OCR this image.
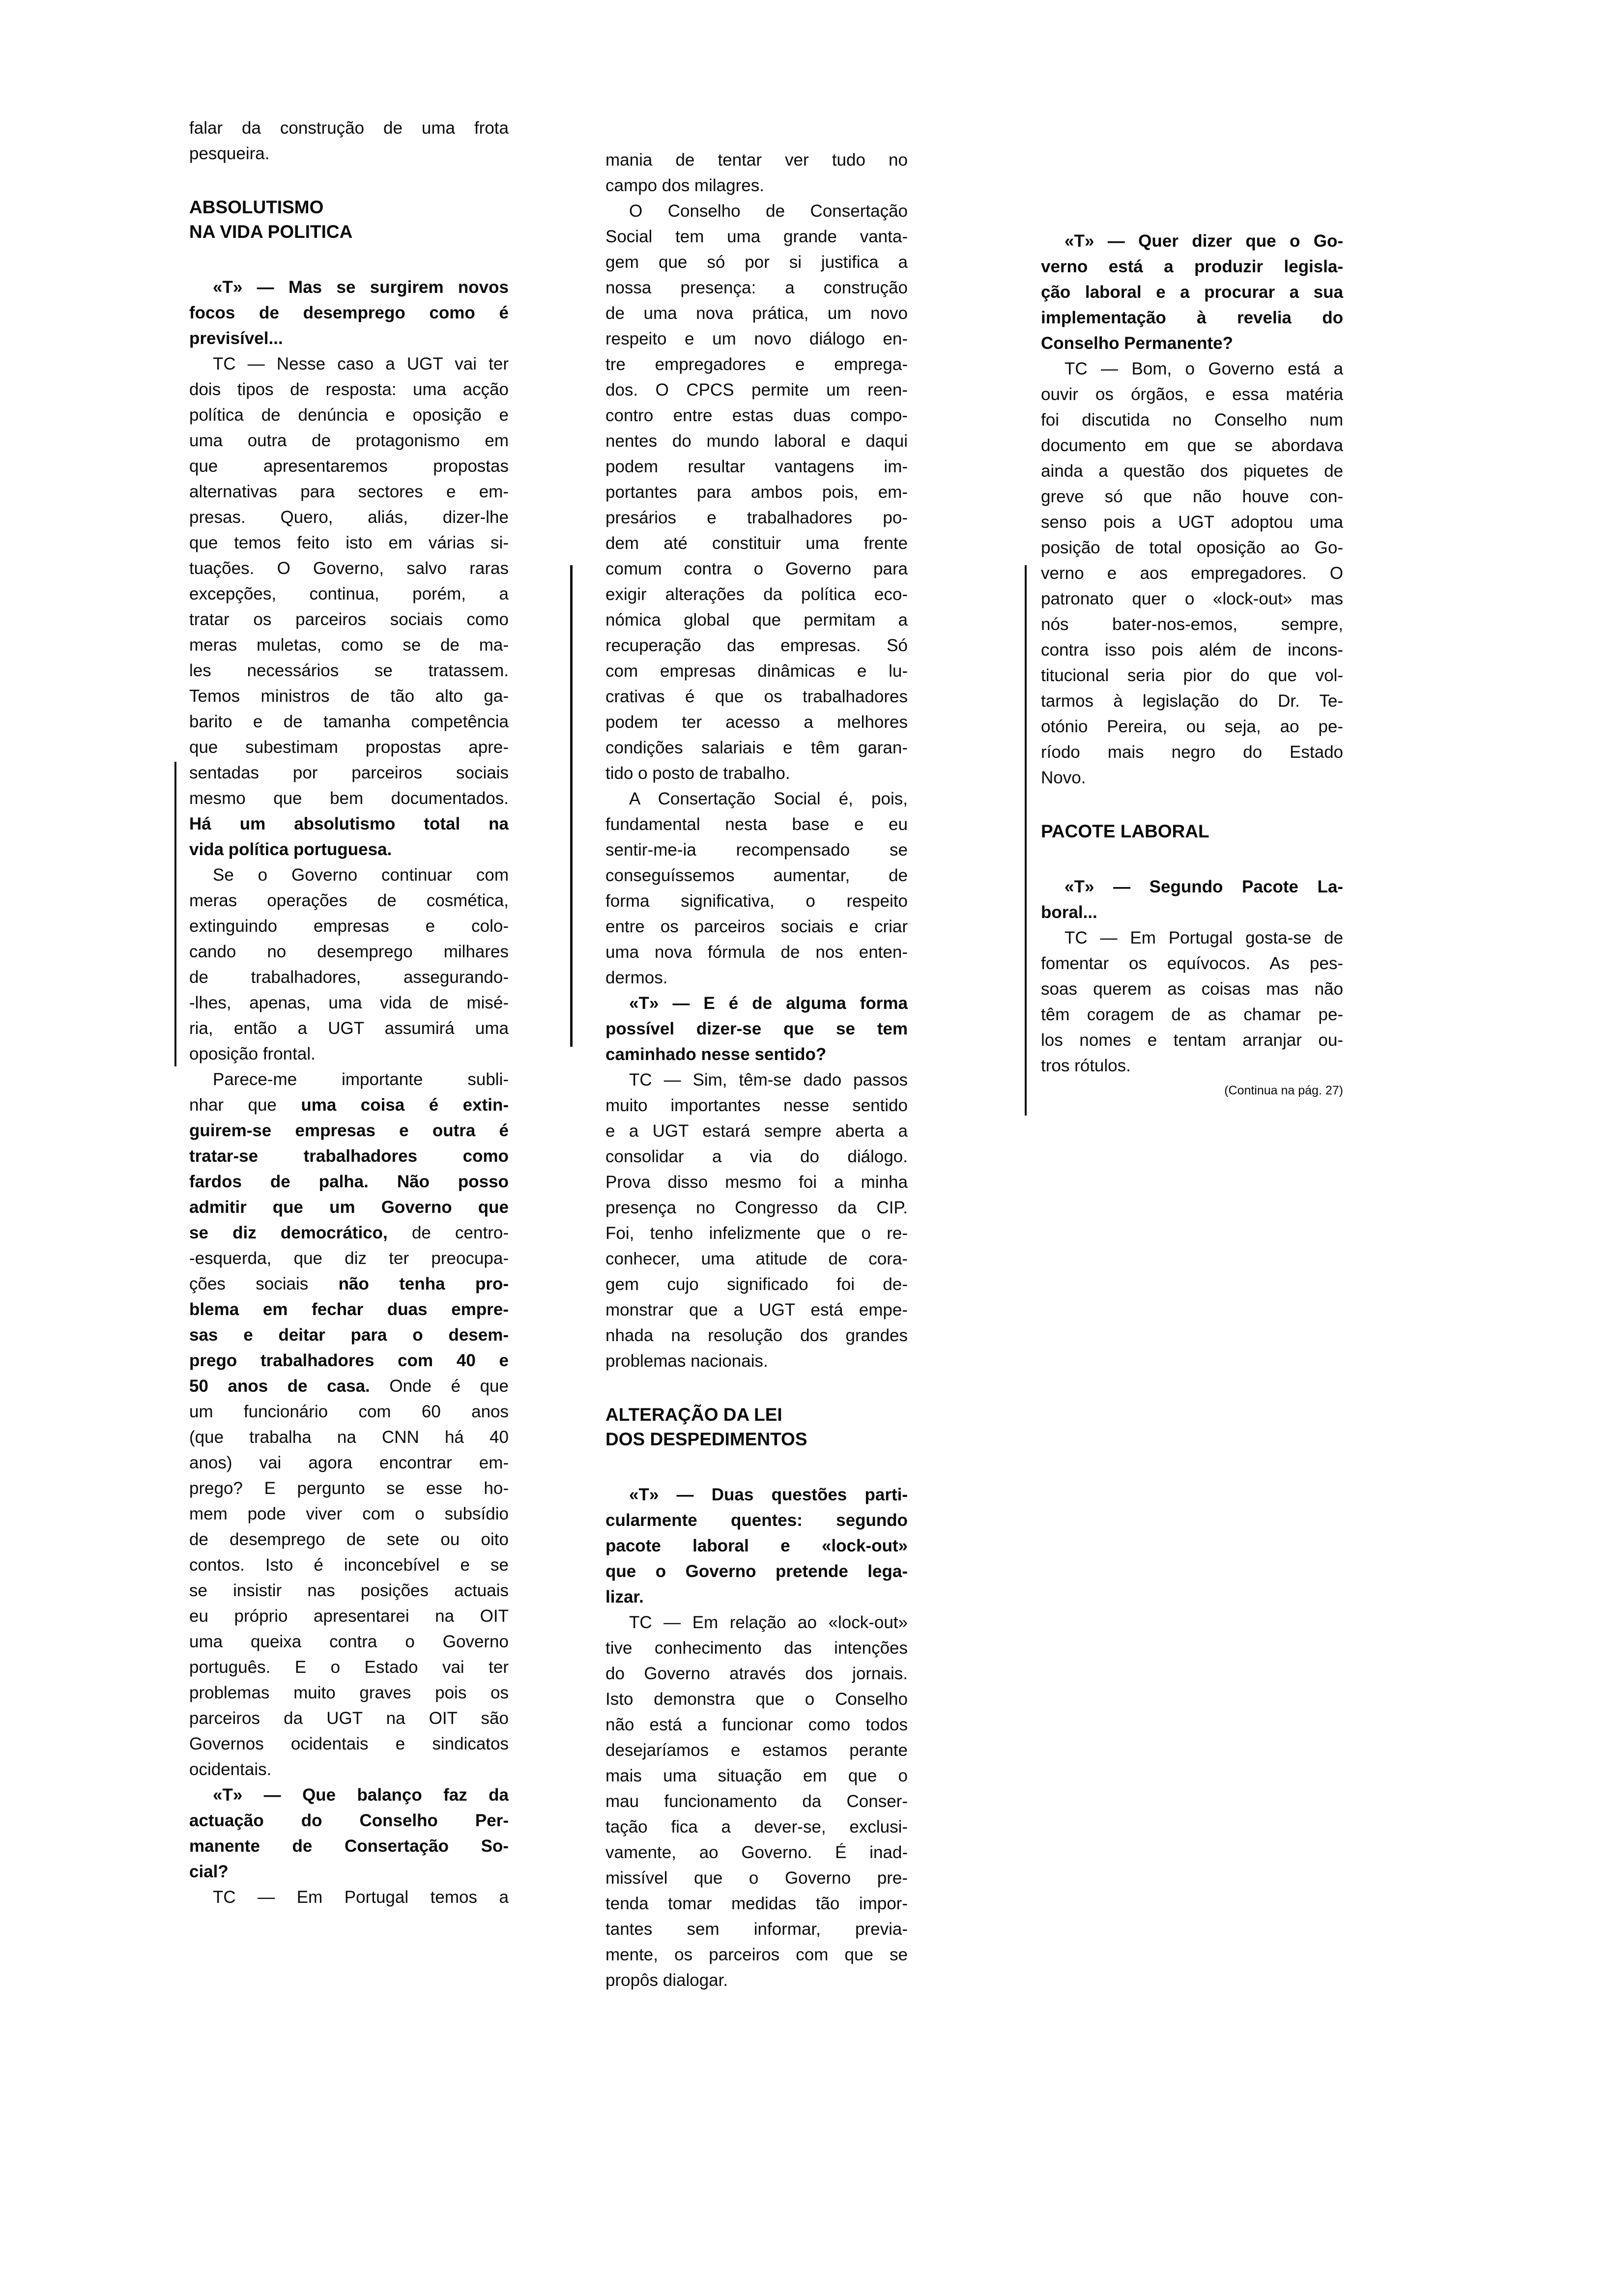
falar da construção de uma frota
pesqueira.
ABSOLUTISMO
NA VIDA POLITICA
«T» — Mas se surgirem novos
focos de desemprego como é
previsível...
TC — Nesse caso a UGT vai ter
dois tipos de resposta: uma acção
política de denúncia e oposição e
uma outra de protagonismo em
que apresentaremos propostas
alternativas para sectores e em-
presas. Quero, aliás, dizer-lhe
que temos feito isto em várias si-
tuações. O Governo, salvo raras
excepções, continua, porém, a
tratar os parceiros sociais como
meras muletas, como se de ma-
les necessários se tratassem.
Temos ministros de tão alto ga-
barito e de tamanha competência
que subestimam propostas apre-
sentadas por parceiros sociais
mesmo que bem documentados.
Há um absolutismo total na
vida política portuguesa.
Se o Governo continuar com
meras operações de cosmética,
extinguindo empresas e colo-
cando no desemprego milhares
de trabalhadores, assegurando-
-lhes, apenas, uma vida de misé-
ria, então a UGT assumirá uma
oposição frontal.
Parece-me importante subli-
nhar que uma coisa é extin-
guirem-se empresas e outra é
tratar-se trabalhadores como
fardos de palha. Não posso
admitir que um Governo que
se diz democrático, de centro-
-esquerda, que diz ter preocupa-
ções sociais não tenha pro-
blema em fechar duas empre-
sas e deitar para o desem-
prego trabalhadores com 40 e
50 anos de casa. Onde é que
um funcionário com 60 anos
(que trabalha na CNN há 40
anos) vai agora encontrar em-
prego? E pergunto se esse ho-
mem pode viver com o subsídio
de desemprego de sete ou oito
contos. Isto é inconcebível e se
se insistir nas posições actuais
eu próprio apresentarei na OIT
uma queixa contra o Governo
português. E o Estado vai ter
problemas muito graves pois os
parceiros da UGT na OIT são
Governos ocidentais e sindicatos
ocidentais.
«T» — Que balanço faz da
actuação do Conselho Per-
manente de Consertação So-
cial?
TC — Em Portugal temos a
mania de tentar ver tudo no
campo dos milagres.
O Conselho de Consertação
Social tem uma grande vanta-
gem que só por si justifica a
nossa presença: a construção
de uma nova prática, um novo
respeito e um novo diálogo en-
tre empregadores e emprega-
dos. O CPCS permite um reen-
contro entre estas duas compo-
nentes do mundo laboral e daqui
podem resultar vantagens im-
portantes para ambos pois, em-
presários e trabalhadores po-
dem até constituir uma frente
comum contra o Governo para
exigir alterações da política eco-
nómica global que permitam a
recuperação das empresas. Só
com empresas dinâmicas e lu-
crativas é que os trabalhadores
podem ter acesso a melhores
condições salariais e têm garan-
tido o posto de trabalho.
A Consertação Social é, pois,
fundamental nesta base e eu
sentir-me-ia recompensado se
conseguíssemos aumentar, de
forma significativa, o respeito
entre os parceiros sociais e criar
uma nova fórmula de nos enten-
dermos.
«T» — E é de alguma forma
possível dizer-se que se tem
caminhado nesse sentido?
TC — Sim, têm-se dado passos
muito importantes nesse sentido
e a UGT estará sempre aberta a
consolidar a via do diálogo.
Prova disso mesmo foi a minha
presença no Congresso da CIP.
Foi, tenho infelizmente que o re-
conhecer, uma atitude de cora-
gem cujo significado foi de-
monstrar que a UGT está empe-
nhada na resolução dos grandes
problemas nacionais.
ALTERAÇÃO DA LEI
DOS DESPEDIMENTOS
«T» — Duas questões parti-
cularmente quentes: segundo
pacote laboral e «lock-out»
que o Governo pretende lega-
lizar.
TC — Em relação ao «lock-out»
tive conhecimento das intenções
do Governo através dos jornais.
Isto demonstra que o Conselho
não está a funcionar como todos
desejaríamos e estamos perante
mais uma situação em que o
mau funcionamento da Conser-
tação fica a dever-se, exclusi-
vamente, ao Governo. É inad-
missível que o Governo pre-
tenda tomar medidas tão impor-
tantes sem informar, previa-
mente, os parceiros com que se
propôs dialogar.
«T» — Quer dizer que o Go-
verno está a produzir legisla-
ção laboral e a procurar a sua
implementação à revelia do
Conselho Permanente?
TC — Bom, o Governo está a
ouvir os órgãos, e essa matéria
foi discutida no Conselho num
documento em que se abordava
ainda a questão dos piquetes de
greve só que não houve con-
senso pois a UGT adoptou uma
posição de total oposição ao Go-
verno e aos empregadores. O
patronato quer o «lock-out» mas
nós bater-nos-emos, sempre,
contra isso pois além de incons-
titucional seria pior do que vol-
tarmos à legislação do Dr. Te-
otónio Pereira, ou seja, ao pe-
ríodo mais negro do Estado
Novo.
PACOTE LABORAL
«T» — Segundo Pacote La-
boral...
TC — Em Portugal gosta-se de
fomentar os equívocos. As pes-
soas querem as coisas mas não
têm coragem de as chamar pe-
los nomes e tentam arranjar ou-
tros rótulos.
(Continua na pág. 27)
